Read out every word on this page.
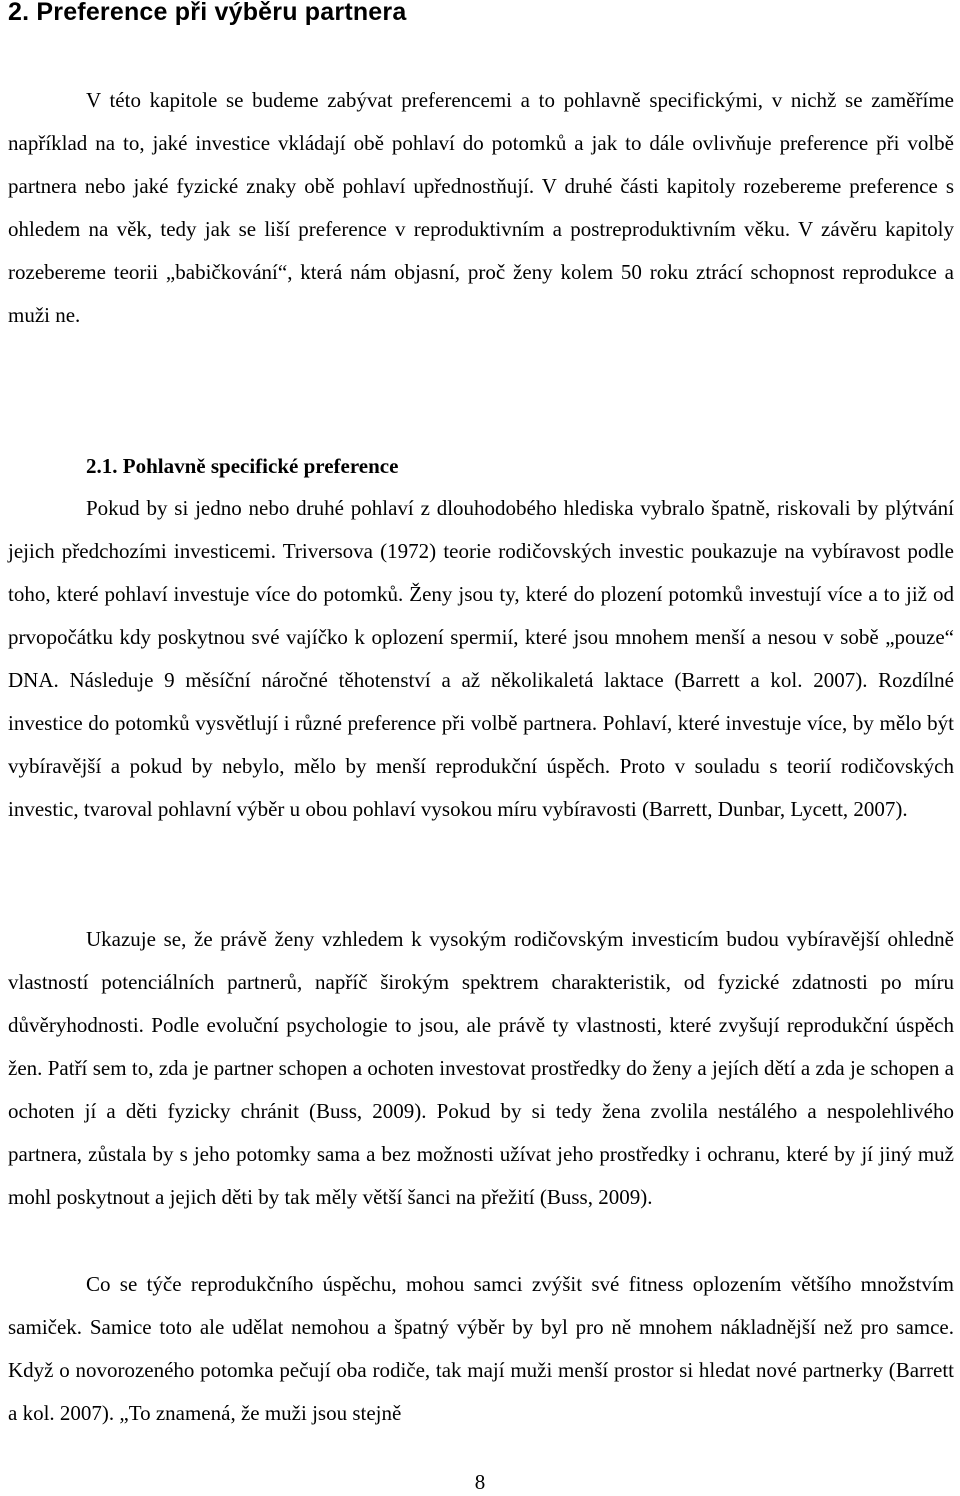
2. Preference při výběru partnera

V této kapitole se budeme zabývat preferencemi a to pohlavně specifickými, v nichž se zaměříme například na to, jaké investice vkládají obě pohlaví do potomků a jak to dále ovlivňuje preference při volbě partnera nebo jaké fyzické znaky obě pohlaví upřednostňují. V druhé části kapitoly rozebereme preference s ohledem na věk, tedy jak se liší preference v reproduktivním a postreproduktivním věku. V závěru kapitoly rozebereme teorii „babičkování“, která nám objasní, proč ženy kolem 50 roku ztrácí schopnost reprodukce a muži ne.

2.1. Pohlavně specifické preference

Pokud by si jedno nebo druhé pohlaví z dlouhodobého hlediska vybralo špatně, riskovali by plýtvání jejich předchozími investicemi. Triversova (1972) teorie rodičovských investic poukazuje na vybíravost podle toho, které pohlaví investuje více do potomků. Ženy jsou ty, které do plození potomků investují více a to již od prvopočátku kdy poskytnou své vajíčko k oplození spermií, které jsou mnohem menší a nesou v sobě „pouze“ DNA. Následuje 9 měsíční náročné těhotenství a až několikaletá laktace (Barrett a kol. 2007). Rozdílné investice do potomků vysvětlují i různé preference při volbě partnera. Pohlaví, které investuje více, by mělo být vybíravější a pokud by nebylo, mělo by menší reprodukční úspěch. Proto v souladu s teorií rodičovských investic, tvaroval pohlavní výběr u obou pohlaví vysokou míru vybíravosti (Barrett, Dunbar, Lycett, 2007).

Ukazuje se, že právě ženy vzhledem k vysokým rodičovským investicím budou vybíravější ohledně vlastností potenciálních partnerů, napříč širokým spektrem charakteristik, od fyzické zdatnosti po míru důvěryhodnosti. Podle evoluční psychologie to jsou, ale právě ty vlastnosti, které zvyšují reprodukční úspěch žen. Patří sem to, zda je partner schopen a ochoten investovat prostředky do ženy a jejích dětí a zda je schopen a ochoten jí a děti fyzicky chránit (Buss, 2009). Pokud by si tedy žena zvolila nestálého a nespolehlivého partnera, zůstala by s jeho potomky sama a bez možnosti užívat jeho prostředky i ochranu, které by jí jiný muž mohl poskytnout a jejich děti by tak měly větší šanci na přežití (Buss, 2009).

Co se týče reprodukčního úspěchu, mohou samci zvýšit své fitness oplozením většího množstvím samiček. Samice toto ale udělat nemohou a špatný výběr by byl pro ně mnohem nákladnější než pro samce. Když o novorozeného potomka pečují oba rodiče, tak mají muži menší prostor si hledat nové partnerky (Barrett a kol. 2007). „To znamená, že muži jsou stejně

8
